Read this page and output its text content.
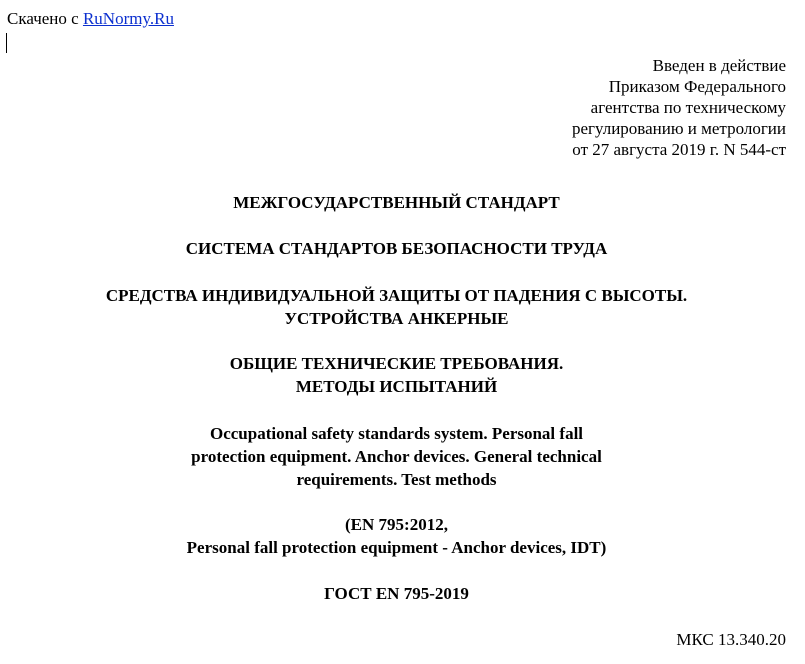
Скачено с RuNormy.Ru
Введен в действие
Приказом Федерального
агентства по техническому
регулированию и метрологии
от 27 августа 2019 г. N 544-ст
МЕЖГОСУДАРСТВЕННЫЙ СТАНДАРТ
СИСТЕМА СТАНДАРТОВ БЕЗОПАСНОСТИ ТРУДА
СРЕДСТВА ИНДИВИДУАЛЬНОЙ ЗАЩИТЫ ОТ ПАДЕНИЯ С ВЫСОТЫ.
УСТРОЙСТВА АНКЕРНЫЕ
ОБЩИЕ ТЕХНИЧЕСКИЕ ТРЕБОВАНИЯ.
МЕТОДЫ ИСПЫТАНИЙ
Occupational safety standards system. Personal fall
protection equipment. Anchor devices. General technical
requirements. Test methods
(EN 795:2012,
Personal fall protection equipment - Anchor devices, IDT)
ГОСТ EN 795-2019
МКС 13.340.20
